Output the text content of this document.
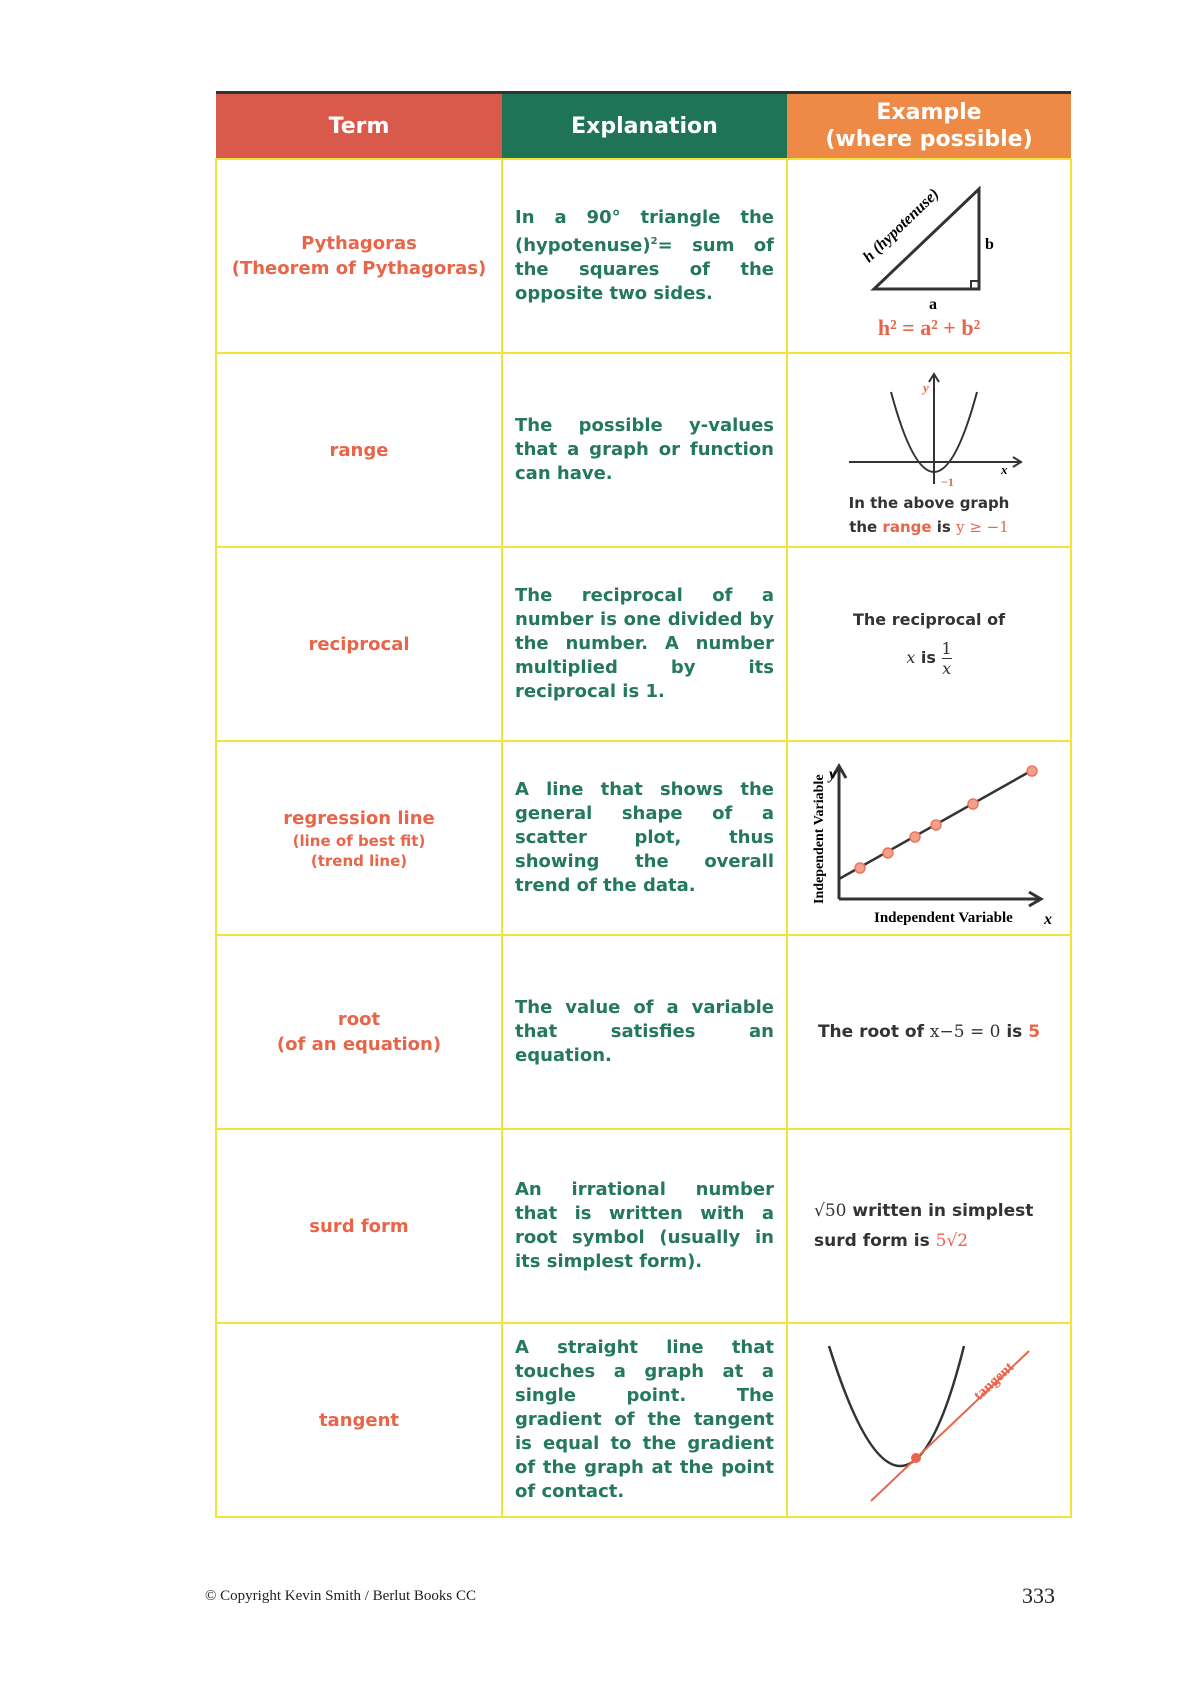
Term	Explanation	Example
(where possible)
Pythagoras
(Theorem of Pythagoras)	In a 90° triangle the (hypotenuse)$^2$= sum of the squares of the opposite two sides.	h (hypotenuse) b
a
h² = a² + b²

range	The possible y-values that a graph or function can have.	y
x
−1
In the above graph
the range is y ≥ −1

reciprocal	The reciprocal of a number is one divided by the number. A number multiplied by its reciprocal is 1.	The reciprocal of
x is $\frac{1}{x}$

regression line
(line of best fit)
(trend line)	A line that shows the general shape of a scatter plot, thus showing the overall trend of the data.	Independent Variable y
Independent Variable x

root
(of an equation)	The value of a variable that satisfies an equation.	The root of x−5 = 0 is 5
surd form	An irrational number that is written with a root symbol (usually in its simplest form).	√50 written in simplest
surd form is 5√2
tangent	A straight line that touches a graph at a single point. The gradient of the tangent is equal to the gradient of the graph at the point of contact.	tangent
© Copyright Kevin Smith / Berlut Books CC	333
